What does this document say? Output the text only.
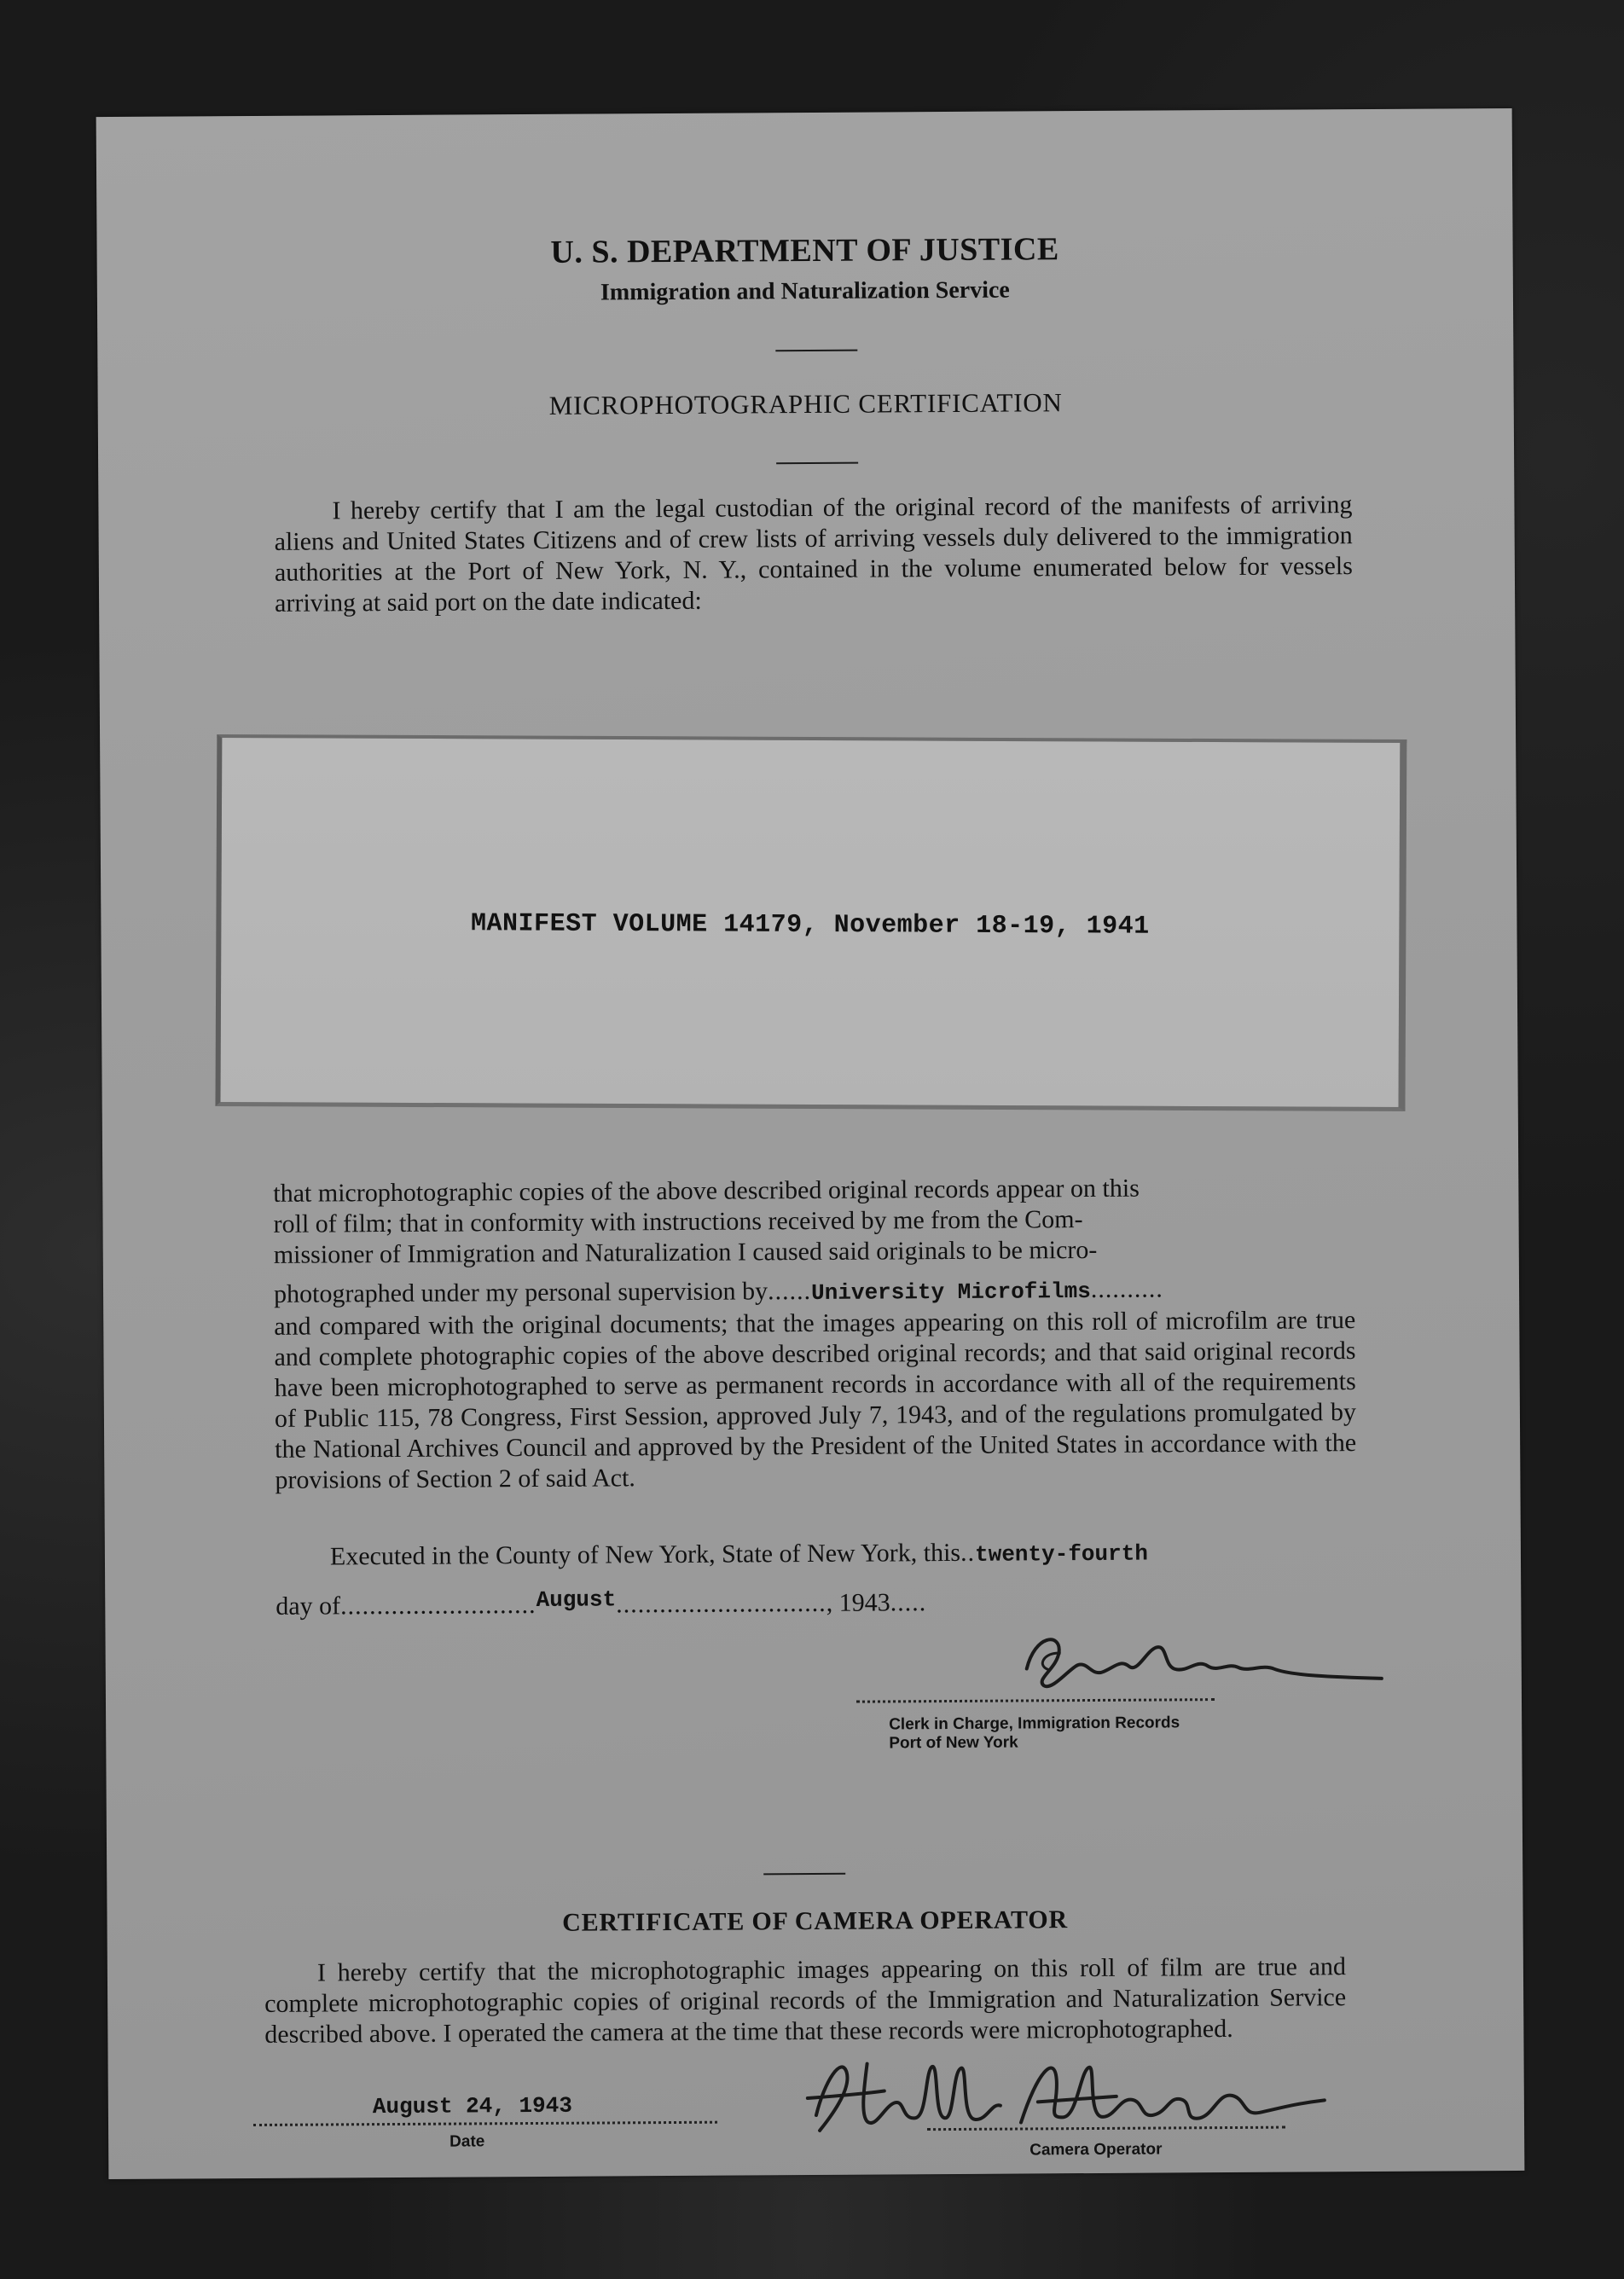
U. S. DEPARTMENT OF JUSTICE
Immigration and Naturalization Service
MICROPHOTOGRAPHIC CERTIFICATION
I hereby certify that I am the legal custodian of the original record of the manifests of arriving aliens and United States Citizens and of crew lists of arriving vessels duly delivered to the immigration authorities at the Port of New York, N. Y., contained in the volume enumerated below for vessels arriving at said port on the date indicated:
MANIFEST VOLUME 14179, November 18-19, 1941
that microphotographic copies of the above described original records appear on this
roll of film; that in conformity with instructions received by me from the Com-
missioner of Immigration and Naturalization I caused said originals to be micro-
photographed under my personal supervision by......University Microfilms..........
and compared with the original documents; that the images appearing on this roll of microfilm are true and complete photographic copies of the above described original records; and that said original records have been microphotographed to serve as permanent records in accordance with all of the requirements of Public 115, 78 Congress, First Session, approved July 7, 1943, and of the regulations promulgated by the National Archives Council and approved by the President of the United States in accordance with the provisions of Section 2 of said Act.
Executed in the County of New York, State of New York, this..twenty-fourth
day of...........................August............................., 1943.....
Clerk in Charge, Immigration Records
Port of New York
CERTIFICATE OF CAMERA OPERATOR
I hereby certify that the microphotographic images appearing on this roll of film are true and complete microphotographic copies of original records of the Immigration and Naturalization Service described above. I operated the camera at the time that these records were microphotographed.
August 24, 1943
Date	Camera Operator
